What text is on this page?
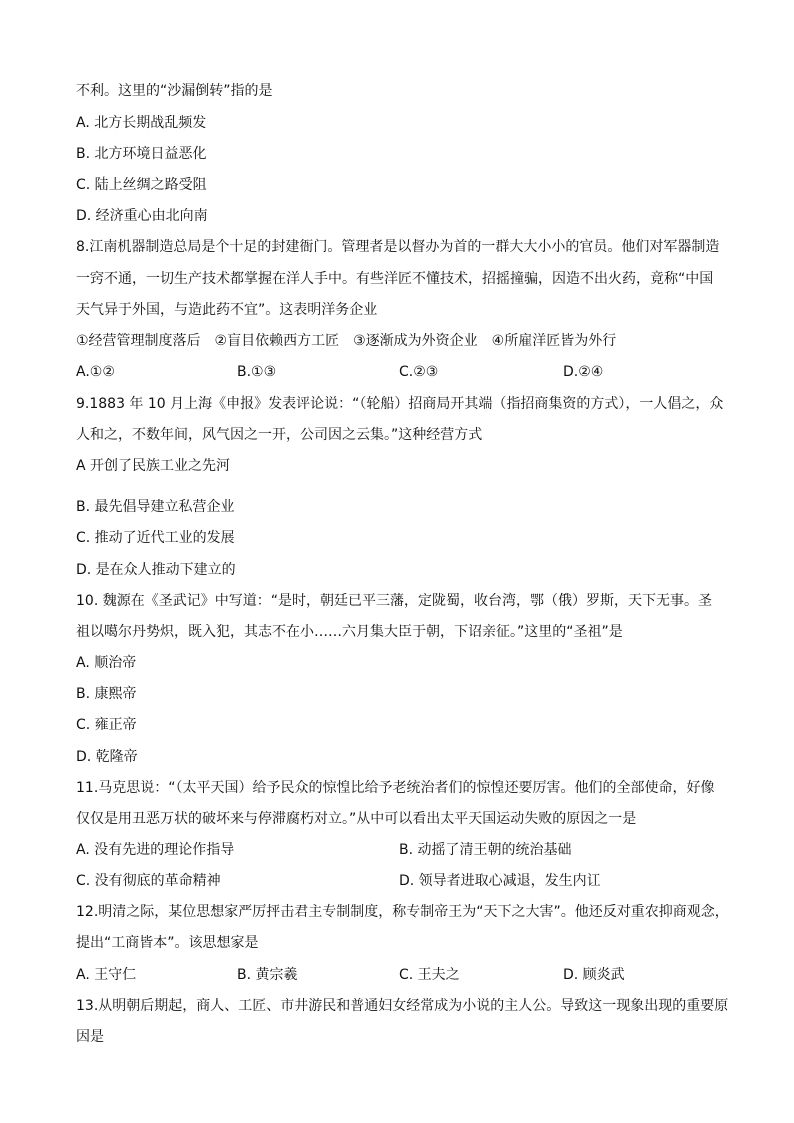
不利。这里的“沙漏倒转”指的是
A. 北方长期战乱频发
B. 北方环境日益恶化
C. 陆上丝绸之路受阻
D. 经济重心由北向南
8.江南机器制造总局是个十足的封建衙门。管理者是以督办为首的一群大大小小的官员。他们对军器制造
一窍不通，一切生产技术都掌握在洋人手中。有些洋匠不懂技术，招摇撞骗，因造不出火药，竟称“中国
天气异于外国，与造此药不宜”。这表明洋务企业
①经营管理制度落后　②盲目依赖西方工匠　③逐渐成为外资企业　④所雇洋匠皆为外行
A.①②	B.①③	C.②③	D.②④
9.1883 年 10 月上海《申报》发表评论说：“（轮船）招商局开其端（指招商集资的方式），一人倡之，众
人和之，不数年间，风气因之一开，公司因之云集。”这种经营方式
A 开创了民族工业之先河
B. 最先倡导建立私营企业
C. 推动了近代工业的发展
D. 是在众人推动下建立的
10. 魏源在《圣武记》中写道：“是时，朝廷已平三藩，定陇蜀，收台湾，鄂（俄）罗斯，天下无事。圣
祖以噶尔丹势炽，既入犯，其志不在小……六月集大臣于朝，下诏亲征。”这里的“圣祖”是
A. 顺治帝
B. 康熙帝
C. 雍正帝
D. 乾隆帝
11.马克思说：“（太平天国）给予民众的惊惶比给予老统治者们的惊惶还要厉害。他们的全部使命，好像
仅仅是用丑恶万状的破坏来与停滞腐朽对立。”从中可以看出太平天国运动失败的原因之一是
A. 没有先进的理论作指导	B. 动摇了清王朝的统治基础
C. 没有彻底的革命精神	D. 领导者进取心减退，发生内讧
12.明清之际，某位思想家严厉抨击君主专制制度，称专制帝王为“天下之大害”。他还反对重农抑商观念，
提出“工商皆本”。该思想家是
A. 王守仁	B. 黄宗羲	C. 王夫之	D. 顾炎武
13.从明朝后期起，商人、工匠、市井游民和普通妇女经常成为小说的主人公。导致这一现象出现的重要原
因是
